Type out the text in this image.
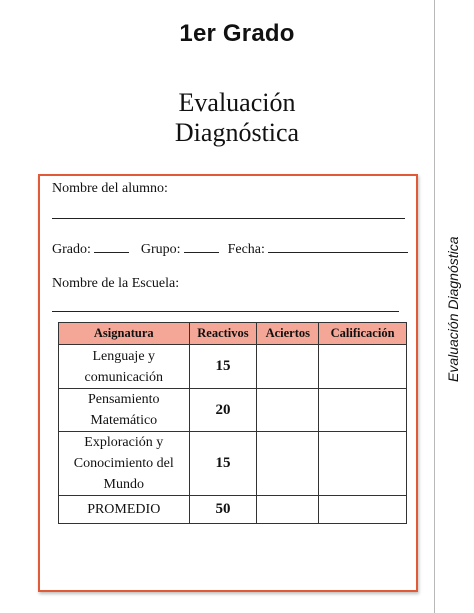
1er Grado
Evaluación
Diagnóstica
Evaluación Diagnóstica
Nombre del alumno:
Grado:	Grupo:	Fecha:
Nombre de la Escuela:
Asignatura	Reactivos	Aciertos	Calificación
Lenguaje y comunicación	15		
Pensamiento Matemático	20		
Exploración y Conocimiento del Mundo	15		
PROMEDIO	50		
